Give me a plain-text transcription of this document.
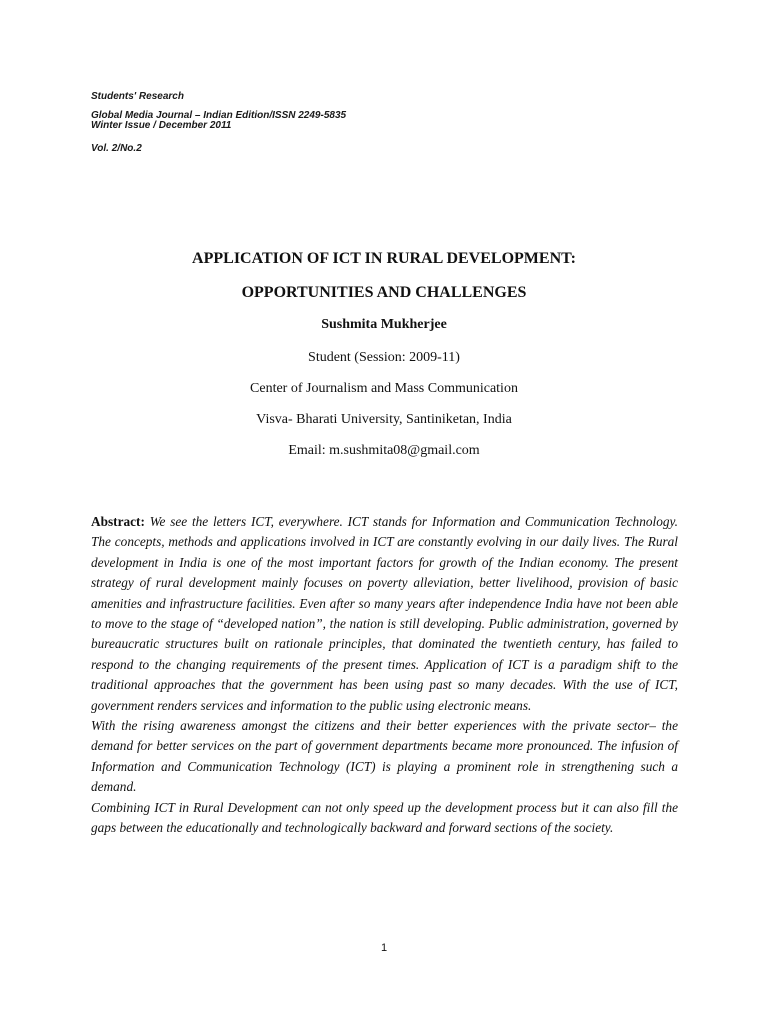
Students' Research
Global Media Journal – Indian Edition/ISSN 2249-5835
Winter Issue / December 2011
Vol. 2/No.2
APPLICATION OF ICT IN RURAL DEVELOPMENT:
OPPORTUNITIES AND CHALLENGES
Sushmita Mukherjee
Student (Session: 2009-11)
Center of Journalism and Mass Communication
Visva- Bharati University, Santiniketan, India
Email: m.sushmita08@gmail.com

Abstract: We see the letters ICT, everywhere. ICT stands for Information and Communication Technology. The concepts, methods and applications involved in ICT are constantly evolving in our daily lives. The Rural development in India is one of the most important factors for growth of the Indian economy. The present strategy of rural development mainly focuses on poverty alleviation, better livelihood, provision of basic amenities and infrastructure facilities. Even after so many years after independence India have not been able to move to the stage of “developed nation”, the nation is still developing. Public administration, governed by bureaucratic structures built on rationale principles, that dominated the twentieth century, has failed to respond to the changing requirements of the present times. Application of ICT is a paradigm shift to the traditional approaches that the government has been using past so many decades. With the use of ICT, government renders services and information to the public using electronic means.

With the rising awareness amongst the citizens and their better experiences with the private sector– the demand for better services on the part of government departments became more pronounced. The infusion of Information and Communication Technology (ICT) is playing a prominent role in strengthening such a demand.

Combining ICT in Rural Development can not only speed up the development process but it can also fill the gaps between the educationally and technologically backward and forward sections of the society.

1
